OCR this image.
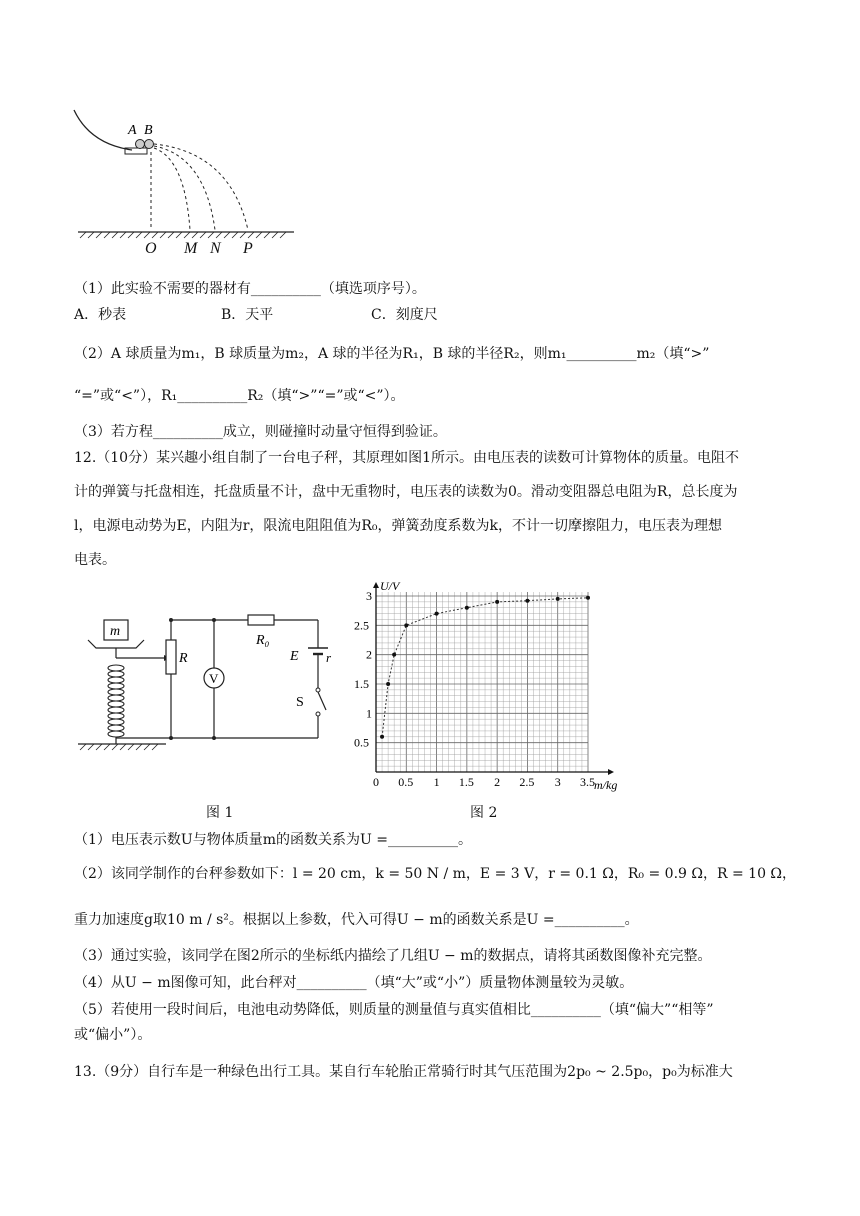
A B
O M N P
（1）此实验不需要的器材有__________（填选项序号）。
A．秒表	B．天平	C．刻度尺
（2）A 球质量为m₁，B 球质量为m₂，A 球的半径为R₁，B 球的半径R₂，则m₁__________m₂（填“>”
“=”或“<”），R₁__________R₂（填“>”“=”或“<”）。
（3）若方程__________成立，则碰撞时动量守恒得到验证。
12.（10分）某兴趣小组自制了一台电子秤，其原理如图1所示。由电压表的读数可计算物体的质量。电阻不
计的弹簧与托盘相连，托盘质量不计，盘中无重物时，电压表的读数为0。滑动变阻器总电阻为R，总长度为
l，电源电动势为E，内阻为r，限流电阻阻值为R₀，弹簧劲度系数为k，不计一切摩擦阻力，电压表为理想
电表。
m
R
V
R₀
E r
S
0 0.5 1 1.5 2 2.5 3 3.5
0.5
1
1.5
2
2.5
3
m/kg
U/V
图 1	图 2
（1）电压表示数U与物体质量m的函数关系为U =__________。
（2）该同学制作的台秤参数如下：l = 20 cm，k = 50 N / m，E = 3 V，r = 0.1 Ω，R₀ = 0.9 Ω，R = 10 Ω，
重力加速度g取10 m / s²。根据以上参数，代入可得U − m的函数关系是U =__________。
（3）通过实验，该同学在图2所示的坐标纸内描绘了几组U − m的数据点，请将其函数图像补充完整。
（4）从U − m图像可知，此台秤对__________（填“大”或“小”）质量物体测量较为灵敏。
（5）若使用一段时间后，电池电动势降低，则质量的测量值与真实值相比__________（填“偏大”“相等”
或“偏小”）。
13.（9分）自行车是一种绿色出行工具。某自行车轮胎正常骑行时其气压范围为2p₀ ~ 2.5p₀，p₀为标准大
